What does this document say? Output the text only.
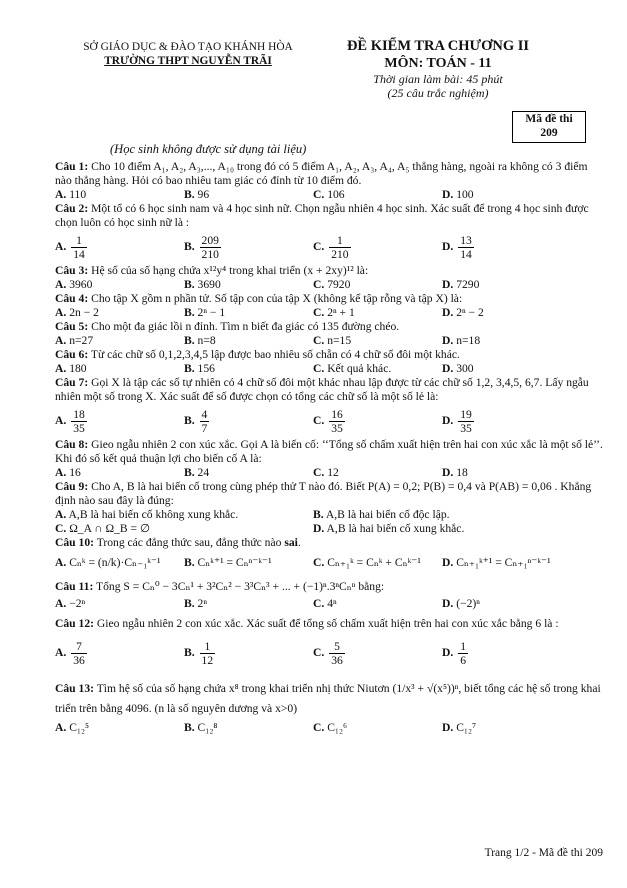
SỞ GIÁO DỤC & ĐÀO TẠO KHÁNH HÒA
TRƯỜNG THPT NGUYỄN TRÃI
ĐỀ KIỂM TRA CHƯƠNG II
MÔN: TOÁN - 11
Thời gian làm bài: 45 phút
(25 câu trắc nghiệm)
Mã đề thi
209
(Học sinh không được sử dụng tài liệu)

Câu 1: Cho 10 điểm A₁, A₂, A₃,..., A₁₀ trong đó có 5 điểm A₁, A₂, A₃, A₄, A₅ thẳng hàng, ngoài ra không có 3 điểm nào thẳng hàng. Hỏi có bao nhiêu tam giác có đỉnh từ 10 điểm đó.

A. 110	B. 96	C. 106	D. 100

Câu 2: Một tổ có 6 học sinh nam và 4 học sinh nữ. Chọn ngẫu nhiên 4 học sinh. Xác suất để trong 4 học sinh được chọn luôn có học sinh nữ là :

A. $\frac{1}{14}$	B. $\frac{209}{210}$	C. $\frac{1}{210}$	D. $\frac{13}{14}$

Câu 3: Hệ số của số hạng chứa x¹²y⁴ trong khai triển (x + 2xy)¹² là:

A. 3960	B. 3690	C. 7920	D. 7290

Câu 4: Cho tập X gồm n phần tử. Số tập con của tập X (không kể tập rỗng và tập X) là:

A. 2n − 2	B. 2ⁿ − 1	C. 2ⁿ + 1	D. 2ⁿ − 2

Câu 5: Cho một đa giác lồi n đỉnh. Tìm n biết đa giác có 135 đường chéo.

A. n=27	B. n=8	C. n=15	D. n=18

Câu 6: Từ các chữ số 0,1,2,3,4,5 lập được bao nhiêu số chẵn có 4 chữ số đôi một khác.

A. 180	B. 156	C. Kết quả khác.	D. 300

Câu 7: Gọi X là tập các số tự nhiên có 4 chữ số đôi một khác nhau lập được từ các chữ số 1,2, 3,4,5, 6,7. Lấy ngẫu nhiên một số trong X. Xác suất để số được chọn có tổng các chữ số là một số lẻ là:

A. $\frac{18}{35}$	B. $\frac{4}{7}$	C. $\frac{16}{35}$	D. $\frac{19}{35}$

Câu 8: Gieo ngẫu nhiên 2 con xúc xắc. Gọi A là biến cố: ‘‘Tổng số chấm xuất hiện trên hai con xúc xắc là một số lẻ’’. Khi đó số kết quả thuận lợi cho biến cố A là:

A. 16	B. 24	C. 12	D. 18

Câu 9: Cho A, B là hai biến cố trong cùng phép thử T nào đó. Biết P(A) = 0,2; P(B) = 0,4 và P(AB) = 0,06 . Khẳng định nào sau đây là đúng:

A. A,B là hai biến cố không xung khắc.	B. A,B là hai biến cố độc lập.
C. Ω_A ∩ Ω_B = ∅	D. A,B là hai biến cố xung khắc.

Câu 10: Trong các đẳng thức sau, đẳng thức nào sai.

A. Cₙᵏ = (n/k)·Cₙ₋₁ᵏ⁻¹	B. Cₙᵏ⁺¹ = Cₙⁿ⁻ᵏ⁻¹	C. Cₙ₊₁ᵏ = Cₙᵏ + Cₙᵏ⁻¹	D. Cₙ₊₁ᵏ⁺¹ = Cₙ₊₁ⁿ⁻ᵏ⁻¹

Câu 11: Tổng S = Cₙ⁰ − 3Cₙ¹ + 3²Cₙ² − 3³Cₙ³ + ... + (−1)ⁿ.3ⁿCₙⁿ bằng:

A. −2ⁿ	B. 2ⁿ	C. 4ⁿ	D. (−2)ⁿ

Câu 12: Gieo ngẫu nhiên 2 con xúc xắc. Xác suất để tổng số chấm xuất hiện trên hai con xúc xắc bằng 6 là :

A. $\frac{7}{36}$	B. $\frac{1}{12}$	C. $\frac{5}{36}$	D. $\frac{1}{6}$

Câu 13: Tìm hệ số của số hạng chứa x⁸ trong khai triển nhị thức Niutơn (1/x³ + √(x⁵))ⁿ, biết tổng các hệ số trong khai triển trên bằng 4096. (n là số nguyên dương và x>0)

A. C₁₂⁵	B. C₁₂⁸	C. C₁₂⁶	D. C₁₂⁷
Trang 1/2 - Mã đề thi 209
